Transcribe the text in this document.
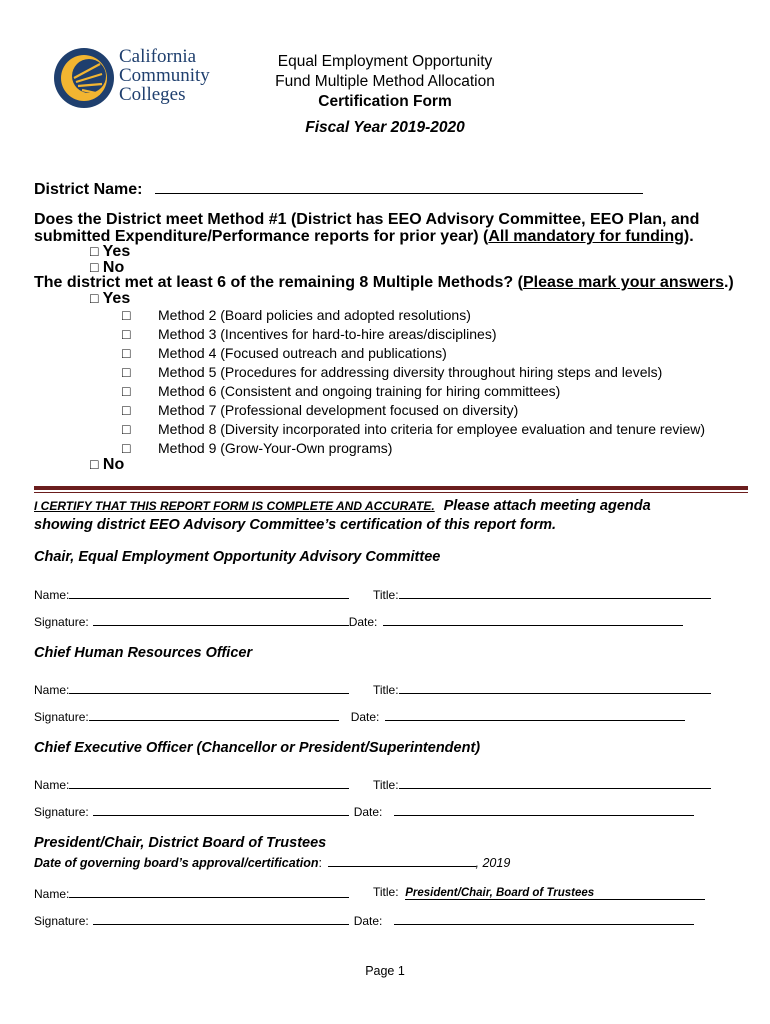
California
Community
Colleges
Equal Employment Opportunity
Fund Multiple Method Allocation
Certification Form
Fiscal Year 2019-2020
District Name:
Does the District meet Method #1 (District has EEO Advisory Committee, EEO Plan, and
submitted Expenditure/Performance reports for prior year) (All mandatory for funding).
□ Yes
□ No
The district met at least 6 of the remaining 8 Multiple Methods? (Please mark your answers.)
□ Yes
□ Method 2 (Board policies and adopted resolutions)
□ Method 3 (Incentives for hard-to-hire areas/disciplines)
□ Method 4 (Focused outreach and publications)
□ Method 5 (Procedures for addressing diversity throughout hiring steps and levels)
□ Method 6 (Consistent and ongoing training for hiring committees)
□ Method 7 (Professional development focused on diversity)
□ Method 8 (Diversity incorporated into criteria for employee evaluation and tenure review)
□ Method 9 (Grow-Your-Own programs)
□ No
I CERTIFY THAT THIS REPORT FORM IS COMPLETE AND ACCURATE. Please attach meeting agenda
showing district EEO Advisory Committee’s certification of this report form.
Chair, Equal Employment Opportunity Advisory Committee
Name:	Title:
Signature:	Date:
Chief Human Resources Officer
Name:	Title:
Signature:	Date:
Chief Executive Officer (Chancellor or President/Superintendent)
Name:	Title:
Signature:	Date:
President/Chair, District Board of Trustees
Date of governing board’s approval/certification:	, 2019
Name:	Title: President/Chair, Board of Trustees
Signature:	Date:
Page 1
